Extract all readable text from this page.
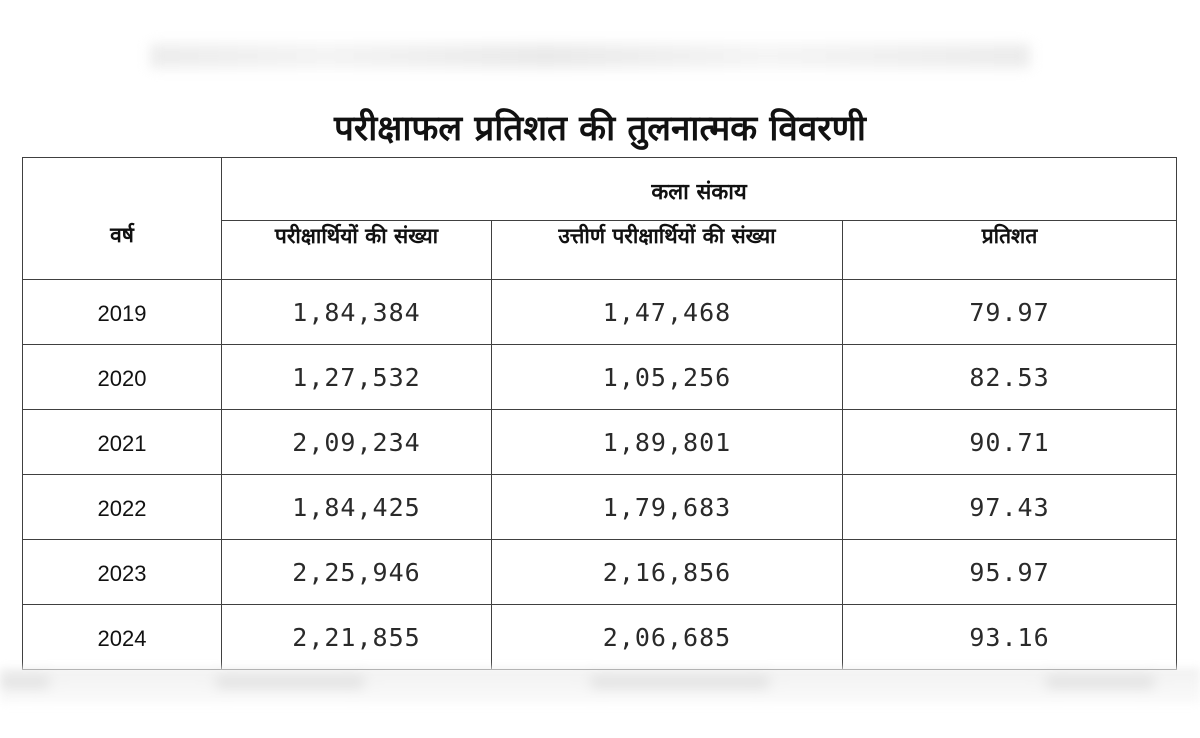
परीक्षाफल प्रतिशत की तुलनात्मक विवरणी
वर्ष	कला संकाय		
	परीक्षार्थियों की संख्या	उत्तीर्ण परीक्षार्थियों की संख्या	प्रतिशत
2019	1,84,384	1,47,468	79.97
2020	1,27,532	1,05,256	82.53
2021	2,09,234	1,89,801	90.71
2022	1,84,425	1,79,683	97.43
2023	2,25,946	2,16,856	95.97
2024	2,21,855	2,06,685	93.16
